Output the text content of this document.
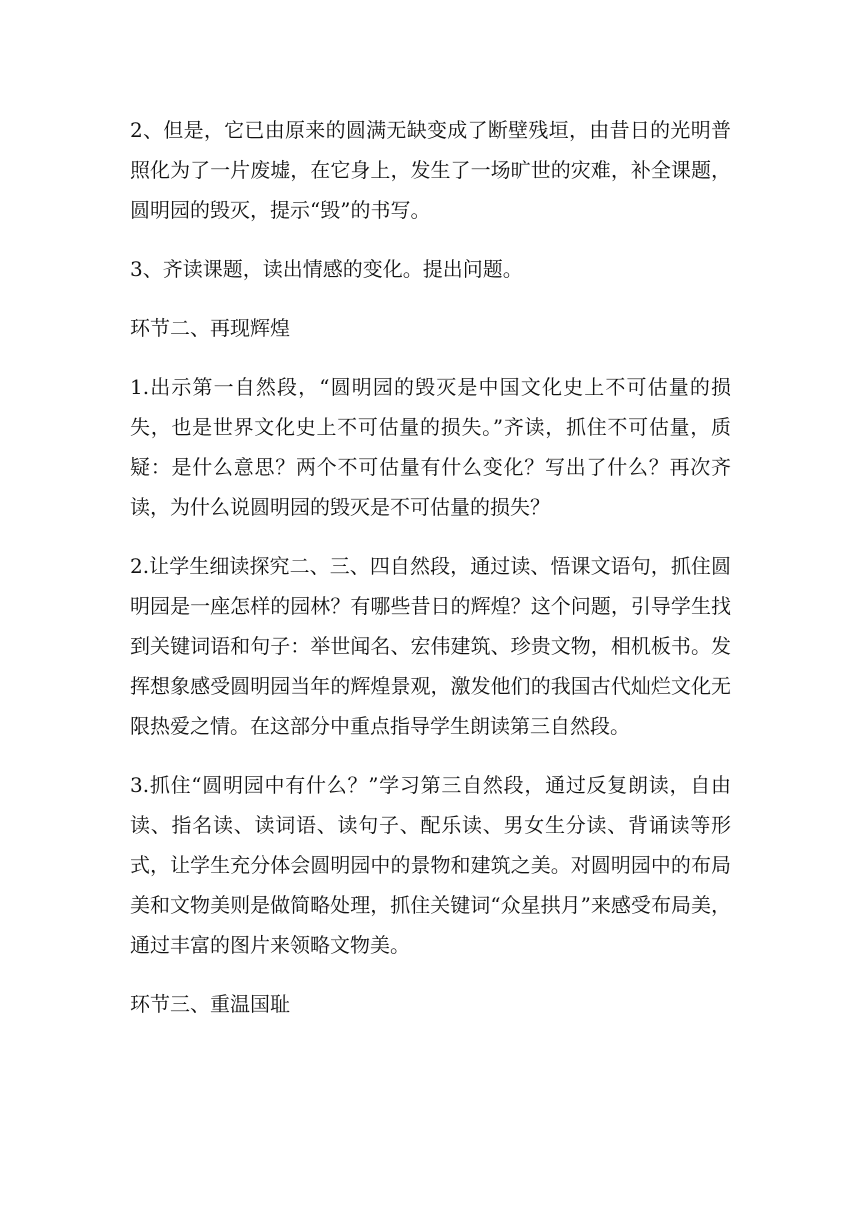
2、但是，它已由原来的圆满无缺变成了断壁残垣，由昔日的光明普照化为了一片废墟，在它身上，发生了一场旷世的灾难，补全课题，圆明园的毁灭，提示“毁”的书写。

3、齐读课题，读出情感的变化。提出问题。

环节二、再现辉煌

1.出示第一自然段，“圆明园的毁灭是中国文化史上不可估量的损失，也是世界文化史上不可估量的损失。”齐读，抓住不可估量，质疑：是什么意思？两个不可估量有什么变化？写出了什么？再次齐读，为什么说圆明园的毁灭是不可估量的损失？

2.让学生细读探究二、三、四自然段，通过读、悟课文语句，抓住圆明园是一座怎样的园林？有哪些昔日的辉煌？这个问题，引导学生找到关键词语和句子：举世闻名、宏伟建筑、珍贵文物，相机板书。发挥想象感受圆明园当年的辉煌景观，激发他们的我国古代灿烂文化无限热爱之情。在这部分中重点指导学生朗读第三自然段。

3.抓住“圆明园中有什么？”学习第三自然段，通过反复朗读，自由读、指名读、读词语、读句子、配乐读、男女生分读、背诵读等形式，让学生充分体会圆明园中的景物和建筑之美。对圆明园中的布局美和文物美则是做简略处理，抓住关键词“众星拱月”来感受布局美，通过丰富的图片来领略文物美。

环节三、重温国耻
